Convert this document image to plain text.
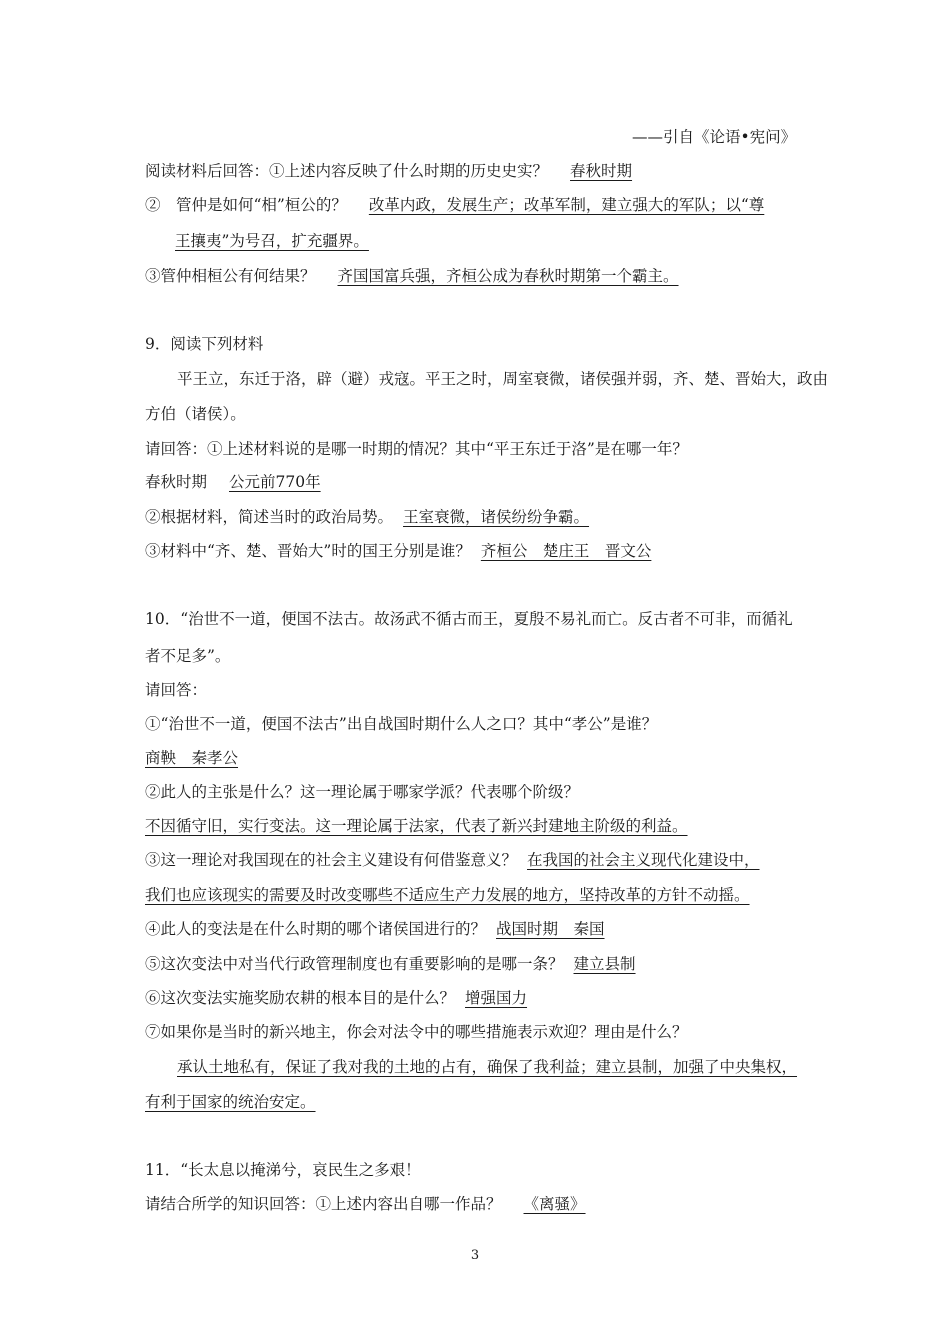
——引自《论语•宪问》
阅读材料后回答：①上述内容反映了什么时期的历史史实？ 春秋时期
②　管仲是如何“相”桓公的？ 改革内政，发展生产；改革军制，建立强大的军队；以“尊
王攘夷”为号召，扩充疆界。
③管仲相桓公有何结果？ 齐国国富兵强，齐桓公成为春秋时期第一个霸主。
9．阅读下列材料
平王立，东迁于洛，辟（避）戎寇。平王之时，周室衰微，诸侯强并弱，齐、楚、晋始大，政由
方伯（诸侯）。
请回答：①上述材料说的是哪一时期的情况？其中“平王东迁于洛”是在哪一年？
春秋时期 公元前770年
②根据材料，简述当时的政治局势。 王室衰微，诸侯纷纷争霸。
③材料中“齐、楚、晋始大”时的国王分别是谁？ 齐桓公　楚庄王　晋文公
10．“治世不一道，便国不法古。故汤武不循古而王，夏殷不易礼而亡。反古者不可非，而循礼
者不足多”。
请回答：
①“治世不一道，便国不法古”出自战国时期什么人之口？其中“孝公”是谁？
商鞅　秦孝公
②此人的主张是什么？这一理论属于哪家学派？代表哪个阶级？
不因循守旧，实行变法。这一理论属于法家，代表了新兴封建地主阶级的利益。
③这一理论对我国现在的社会主义建设有何借鉴意义？ 在我国的社会主义现代化建设中，
我们也应该现实的需要及时改变哪些不适应生产力发展的地方，坚持改革的方针不动摇。
④此人的变法是在什么时期的哪个诸侯国进行的？ 战国时期　秦国
⑤这次变法中对当代行政管理制度也有重要影响的是哪一条？ 建立县制
⑥这次变法实施奖励农耕的根本目的是什么？ 增强国力
⑦如果你是当时的新兴地主，你会对法令中的哪些措施表示欢迎？理由是什么？
承认土地私有，保证了我对我的土地的占有，确保了我利益；建立县制，加强了中央集权，
有利于国家的统治安定。
11．“长太息以掩涕兮，哀民生之多艰！
请结合所学的知识回答：①上述内容出自哪一作品？ 《离骚》
3
